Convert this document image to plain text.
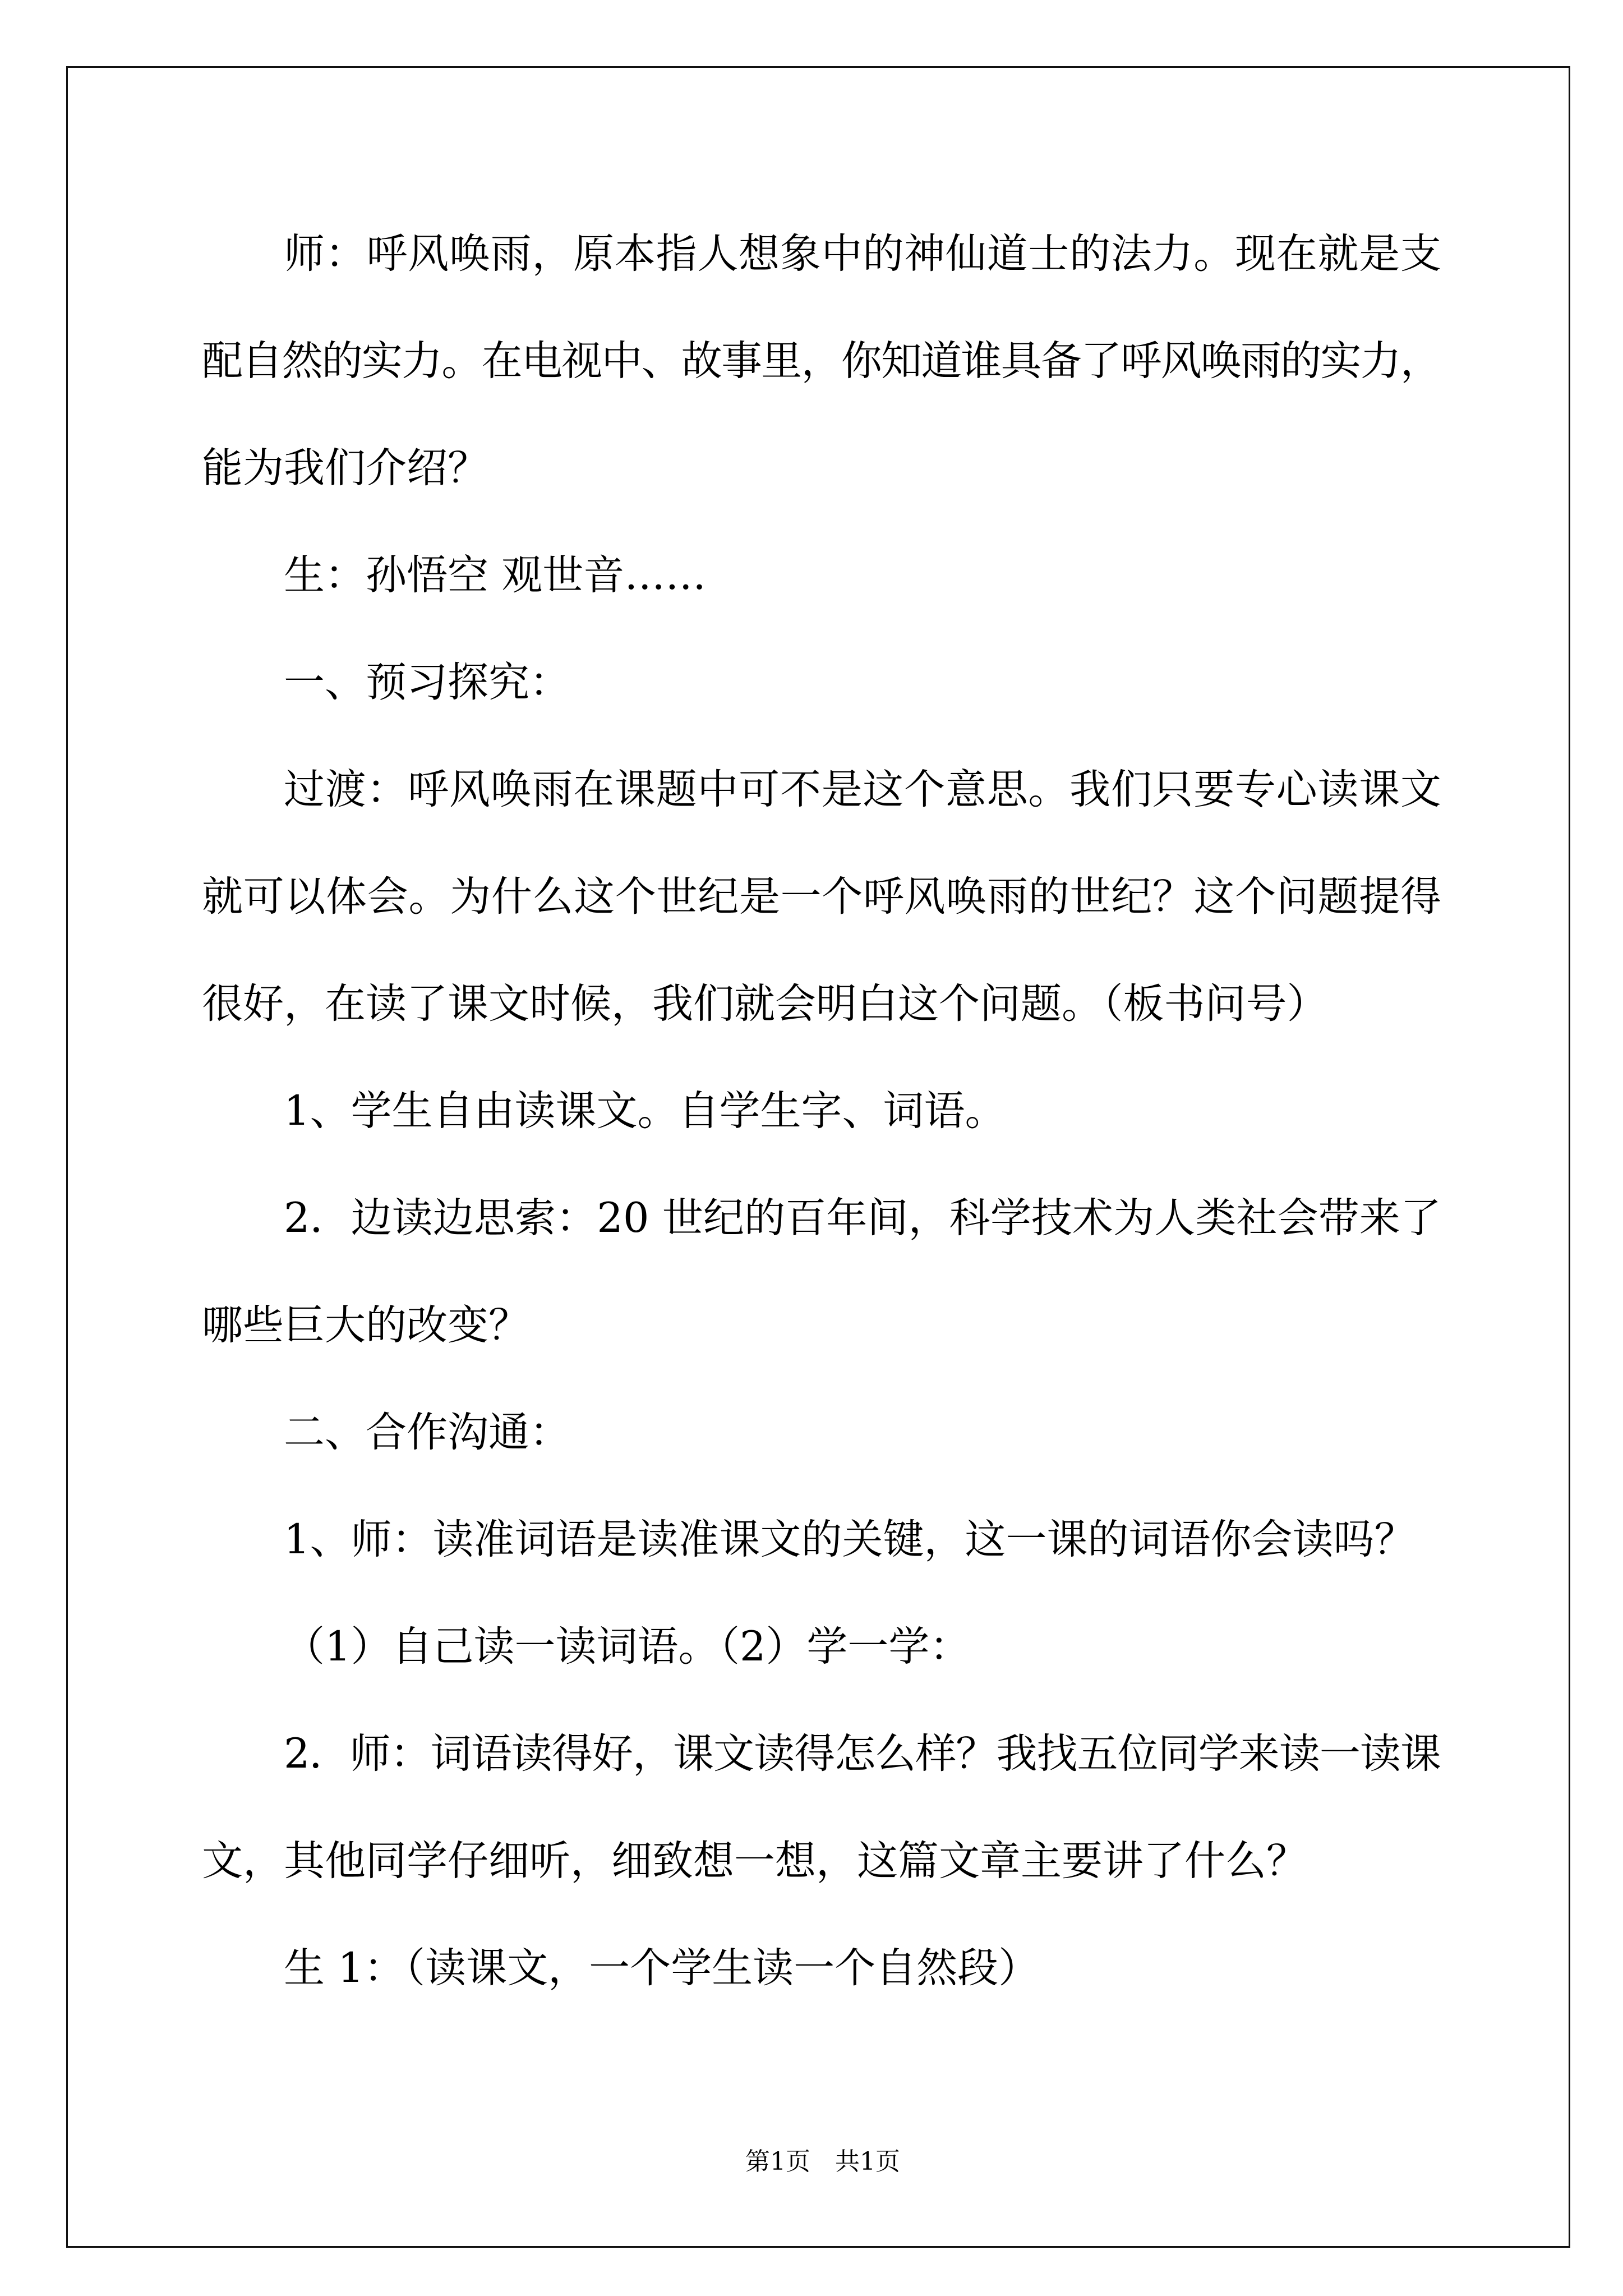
师：呼风唤雨，原本指人想象中的神仙道士的法力。现在就是支
配自然的实力。在电视中、故事里，你知道谁具备了呼风唤雨的实力，
能为我们介绍？
生：孙悟空 观世音……
一、预习探究：
过渡：呼风唤雨在课题中可不是这个意思。我们只要专心读课文
就可以体会。为什么这个世纪是一个呼风唤雨的世纪？这个问题提得
很好，在读了课文时候，我们就会明白这个问题。（板书问号）
1、学生自由读课文。自学生字、词语。
2．边读边思索：20 世纪的百年间，科学技术为人类社会带来了
哪些巨大的改变？
二、合作沟通：
1、师：读准词语是读准课文的关键，这一课的词语你会读吗？
（1）自己读一读词语。（2）学一学：
2．师：词语读得好，课文读得怎么样？我找五位同学来读一读课
文，其他同学仔细听，细致想一想，这篇文章主要讲了什么？
生 1：（读课文，一个学生读一个自然段）
第1页　共1页
